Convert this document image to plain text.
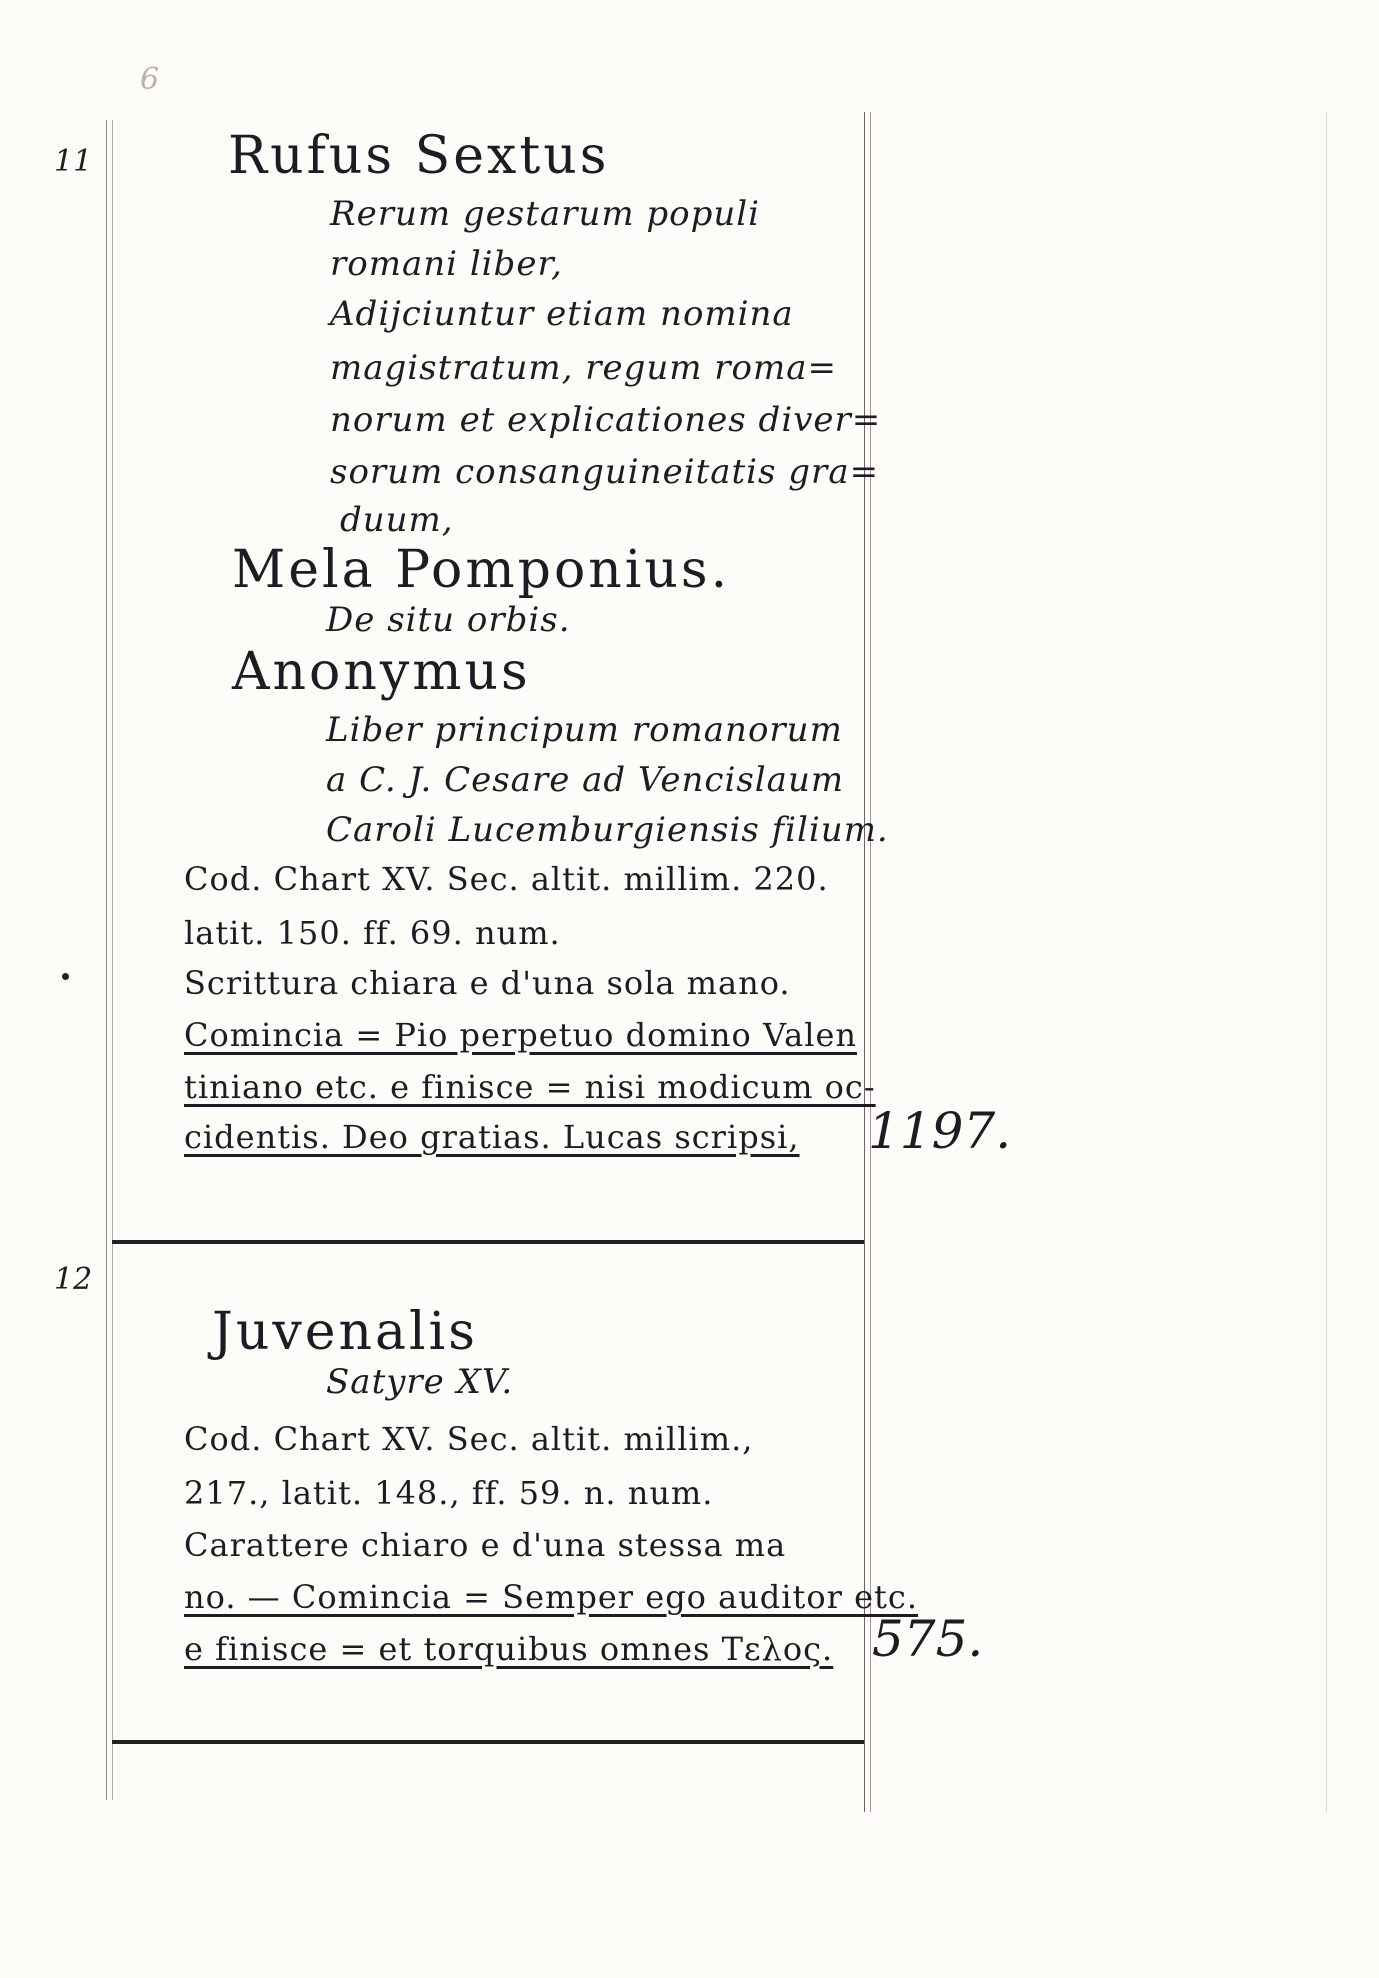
6
11	Rufus Sextus
Rerum gestarum populi
romani liber,
Adijciuntur etiam nomina
magistratum, regum roma=
norum et explicationes diver=
sorum consanguineitatis gra=
duum,
Mela Pomponius.
De situ orbis.
Anonymus
Liber principum romanorum
a C. J. Cesare ad Vencislaum
Caroli Lucemburgiensis filium.
Cod. Chart XV. Sec. altit. millim. 220.
latit. 150. ff. 69. num.
Scrittura chiara e d'una sola mano.
Comincia = Pio perpetuo domino Valen
tiniano etc. e finisce = nisi modicum oc-
cidentis. Deo gratias. Lucas scripsi, 1197.
12
Juvenalis
Satyre XV.
Cod. Chart XV. Sec. altit. millim.,
217., latit. 148., ff. 59. n. num.
Carattere chiaro e d'una stessa ma
no. — Comincia = Semper ego auditor etc.
e finisce = et torquibus omnes Τελος. 575.
